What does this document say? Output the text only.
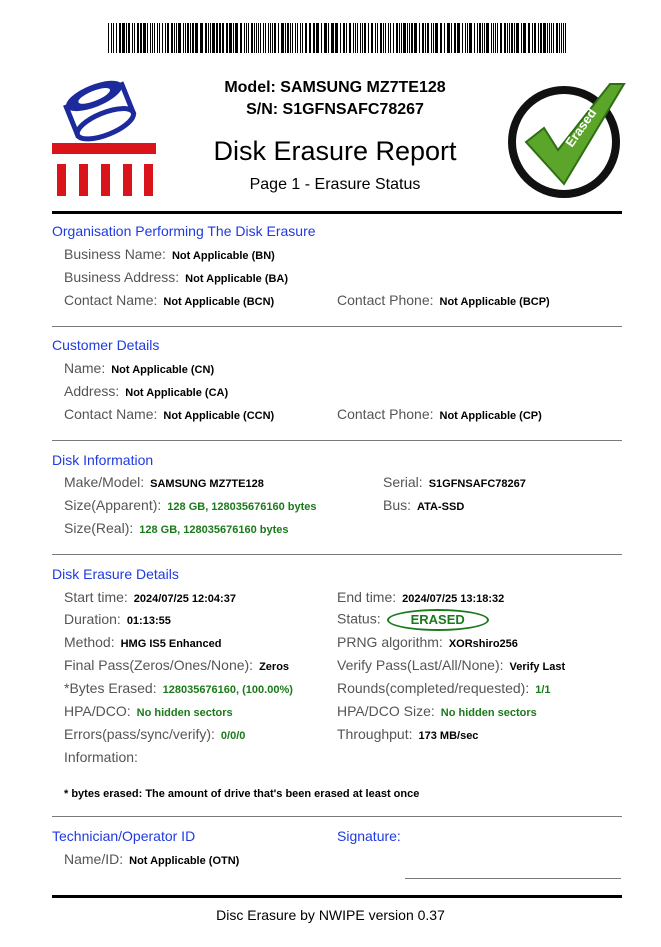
Erased
Model: SAMSUNG MZ7TE128
S/N: S1GFNSAFC78267
Disk Erasure Report
Page 1 - Erasure Status
Organisation Performing The Disk Erasure
Business Name: Not Applicable (BN)
Business Address: Not Applicable (BA)
Contact Name: Not Applicable (BCN)	Contact Phone: Not Applicable (BCP)
Customer Details
Name: Not Applicable (CN)
Address: Not Applicable (CA)
Contact Name: Not Applicable (CCN)	Contact Phone: Not Applicable (CP)
Disk Information
Make/Model: SAMSUNG MZ7TE128	Serial: S1GFNSAFC78267
Size(Apparent): 128 GB, 128035676160 bytes	Bus: ATA-SSD
Size(Real): 128 GB, 128035676160 bytes
Disk Erasure Details
Start time: 2024/07/25 12:04:37	End time: 2024/07/25 13:18:32
Duration: 01:13:55	Status: ERASED
Method: HMG IS5 Enhanced	PRNG algorithm: XORshiro256
Final Pass(Zeros/Ones/None): Zeros	Verify Pass(Last/All/None): Verify Last
*Bytes Erased: 128035676160, (100.00%)	Rounds(completed/requested): 1/1
HPA/DCO: No hidden sectors	HPA/DCO Size: No hidden sectors
Errors(pass/sync/verify): 0/0/0	Throughput: 173 MB/sec
Information:
* bytes erased: The amount of drive that's been erased at least once
Technician/Operator ID	Signature:
Name/ID: Not Applicable (OTN)
Disc Erasure by NWIPE version 0.37
